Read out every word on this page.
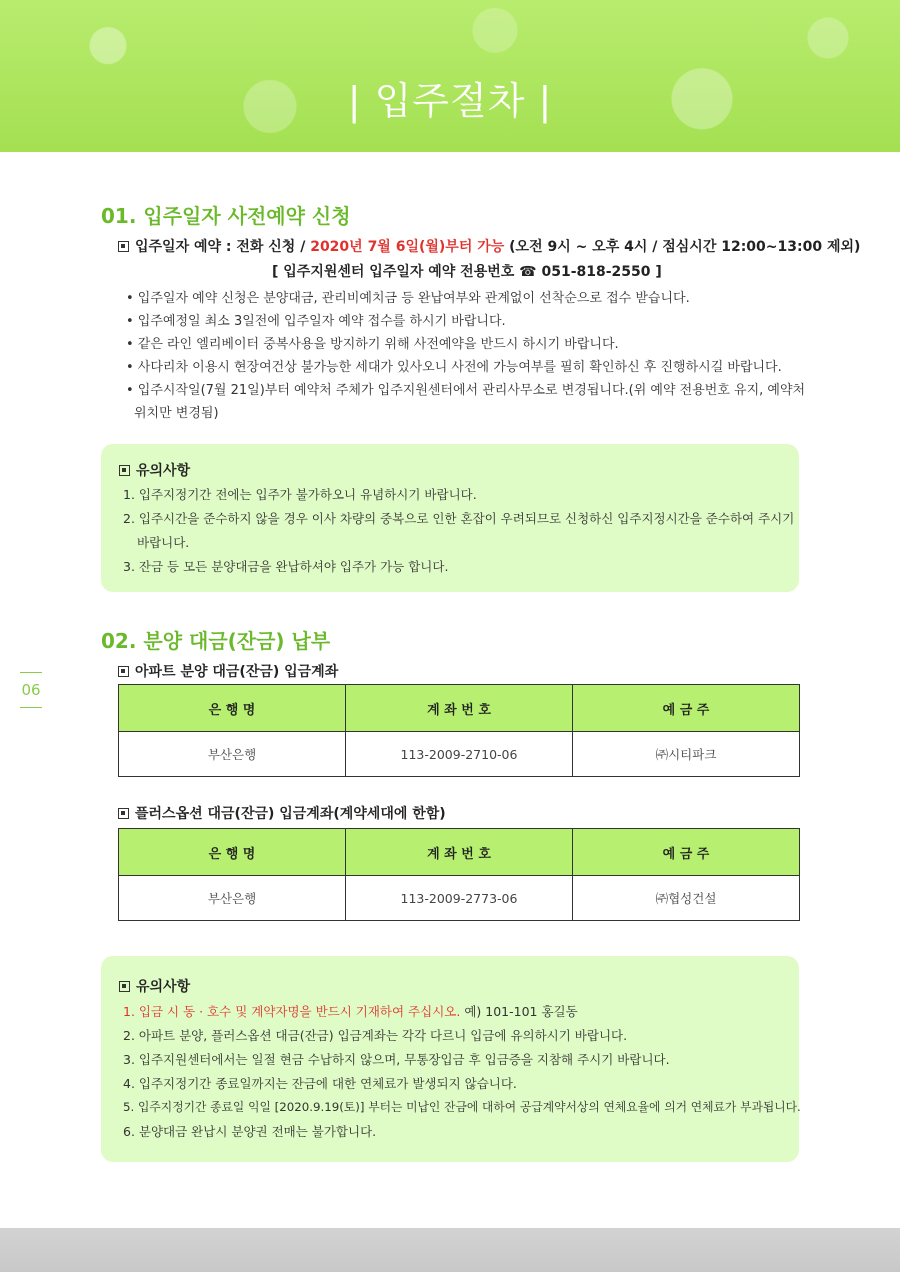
| 입주절차 |
06
01. 입주일자 사전예약 신청
입주일자 예약 : 전화 신청 / 2020년 7월 6일(월)부터 가능 (오전 9시 ~ 오후 4시 / 점심시간 12:00~13:00 제외)
[ 입주지원센터 입주일자 예약 전용번호 ☎ 051-818-2550 ]
• 입주일자 예약 신청은 분양대금, 관리비예치금 등 완납여부와 관계없이 선착순으로 접수 받습니다.
• 입주예정일 최소 3일전에 입주일자 예약 접수를 하시기 바랍니다.
• 같은 라인 엘리베이터 중복사용을 방지하기 위해 사전예약을 반드시 하시기 바랍니다.
• 사다리차 이용시 현장여건상 불가능한 세대가 있사오니 사전에 가능여부를 필히 확인하신 후 진행하시길 바랍니다.
• 입주시작일(7월 21일)부터 예약처 주체가 입주지원센터에서 관리사무소로 변경됩니다.(위 예약 전용번호 유지, 예약처
위치만 변경됨)
유의사항
1. 입주지정기간 전에는 입주가 불가하오니 유념하시기 바랍니다.
2. 입주시간을 준수하지 않을 경우 이사 차량의 중복으로 인한 혼잡이 우려되므로 신청하신 입주지정시간을 준수하여 주시기
바랍니다.
3. 잔금 등 모든 분양대금을 완납하셔야 입주가 가능 합니다.
02. 분양 대금(잔금) 납부
아파트 분양 대금(잔금) 입금계좌
은 행 명	계 좌 번 호	예 금 주
부산은행	113-2009-2710-06	㈜시티파크
플러스옵션 대금(잔금) 입금계좌(계약세대에 한함)
은 행 명	계 좌 번 호	예 금 주
부산은행	113-2009-2773-06	㈜협성건설
유의사항
1. 입금 시 동 · 호수 및 계약자명을 반드시 기재하여 주십시오. 예) 101-101 홍길동
2. 아파트 분양, 플러스옵션 대금(잔금) 입금계좌는 각각 다르니 입금에 유의하시기 바랍니다.
3. 입주지원센터에서는 일절 현금 수납하지 않으며, 무통장입금 후 입금증을 지참해 주시기 바랍니다.
4. 입주지정기간 종료일까지는 잔금에 대한 연체료가 발생되지 않습니다.
5. 입주지정기간 종료일 익일 [2020.9.19(토)] 부터는 미납인 잔금에 대하여 공급계약서상의 연체요율에 의거 연체료가 부과됩니다.
6. 분양대금 완납시 분양권 전매는 불가합니다.
